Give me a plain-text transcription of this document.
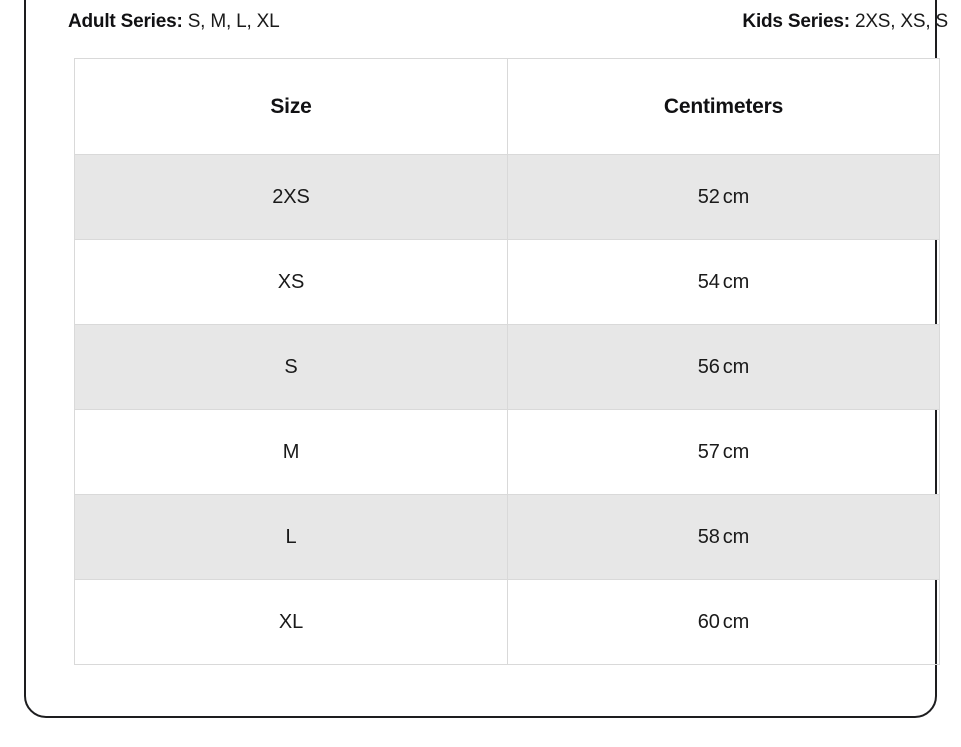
Adult Series: S, M, L, XL	Kids Series: 2XS, XS, S
Size	Centimeters
2XS	52 cm
XS	54 cm
S	56 cm
M	57 cm
L	58 cm
XL	60 cm
